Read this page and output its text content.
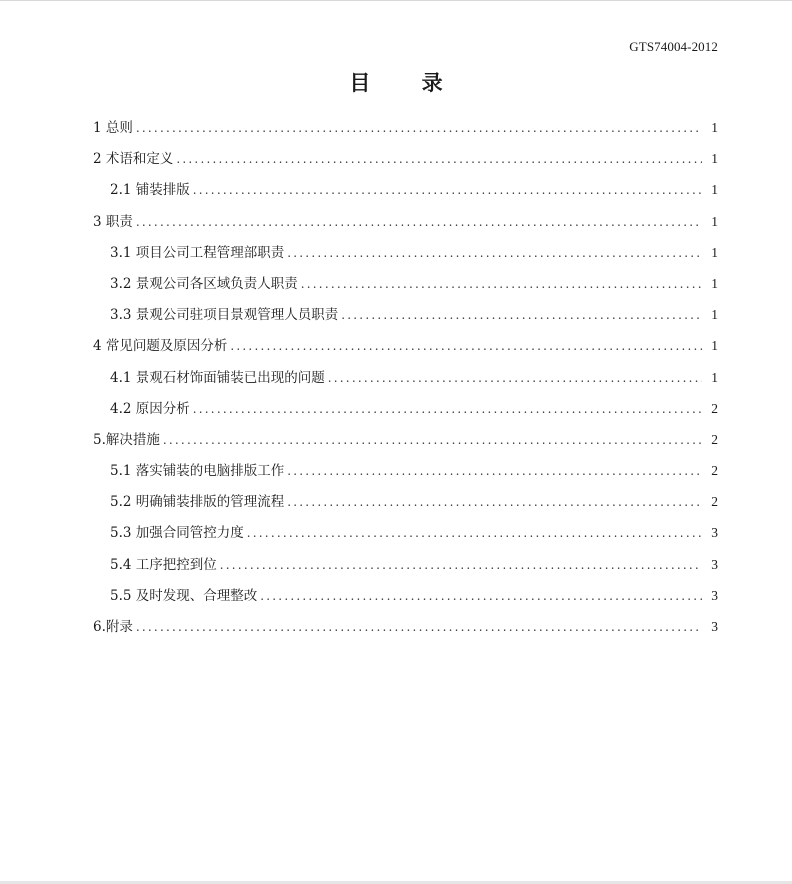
GTS74004-2012
目 录
1 总则 .....	1
2 术语和定义 .....	1
2.1 铺装排版 .....	1
3 职责 .....	1
3.1 项目公司工程管理部职责 .....	1
3.2 景观公司各区域负责人职责 .....	1
3.3 景观公司驻项目景观管理人员职责 .....	1
4 常见问题及原因分析 .....	1
4.1 景观石材饰面铺装已出现的问题 .....	1
4.2 原因分析 .....	2
5.解决措施 .....	2
5.1 落实铺装的电脑排版工作 .....	2
5.2 明确铺装排版的管理流程 .....	2
5.3 加强合同管控力度 .....	3
5.4 工序把控到位 .....	3
5.5 及时发现、合理整改 .....	3
6.附录 .....	3
